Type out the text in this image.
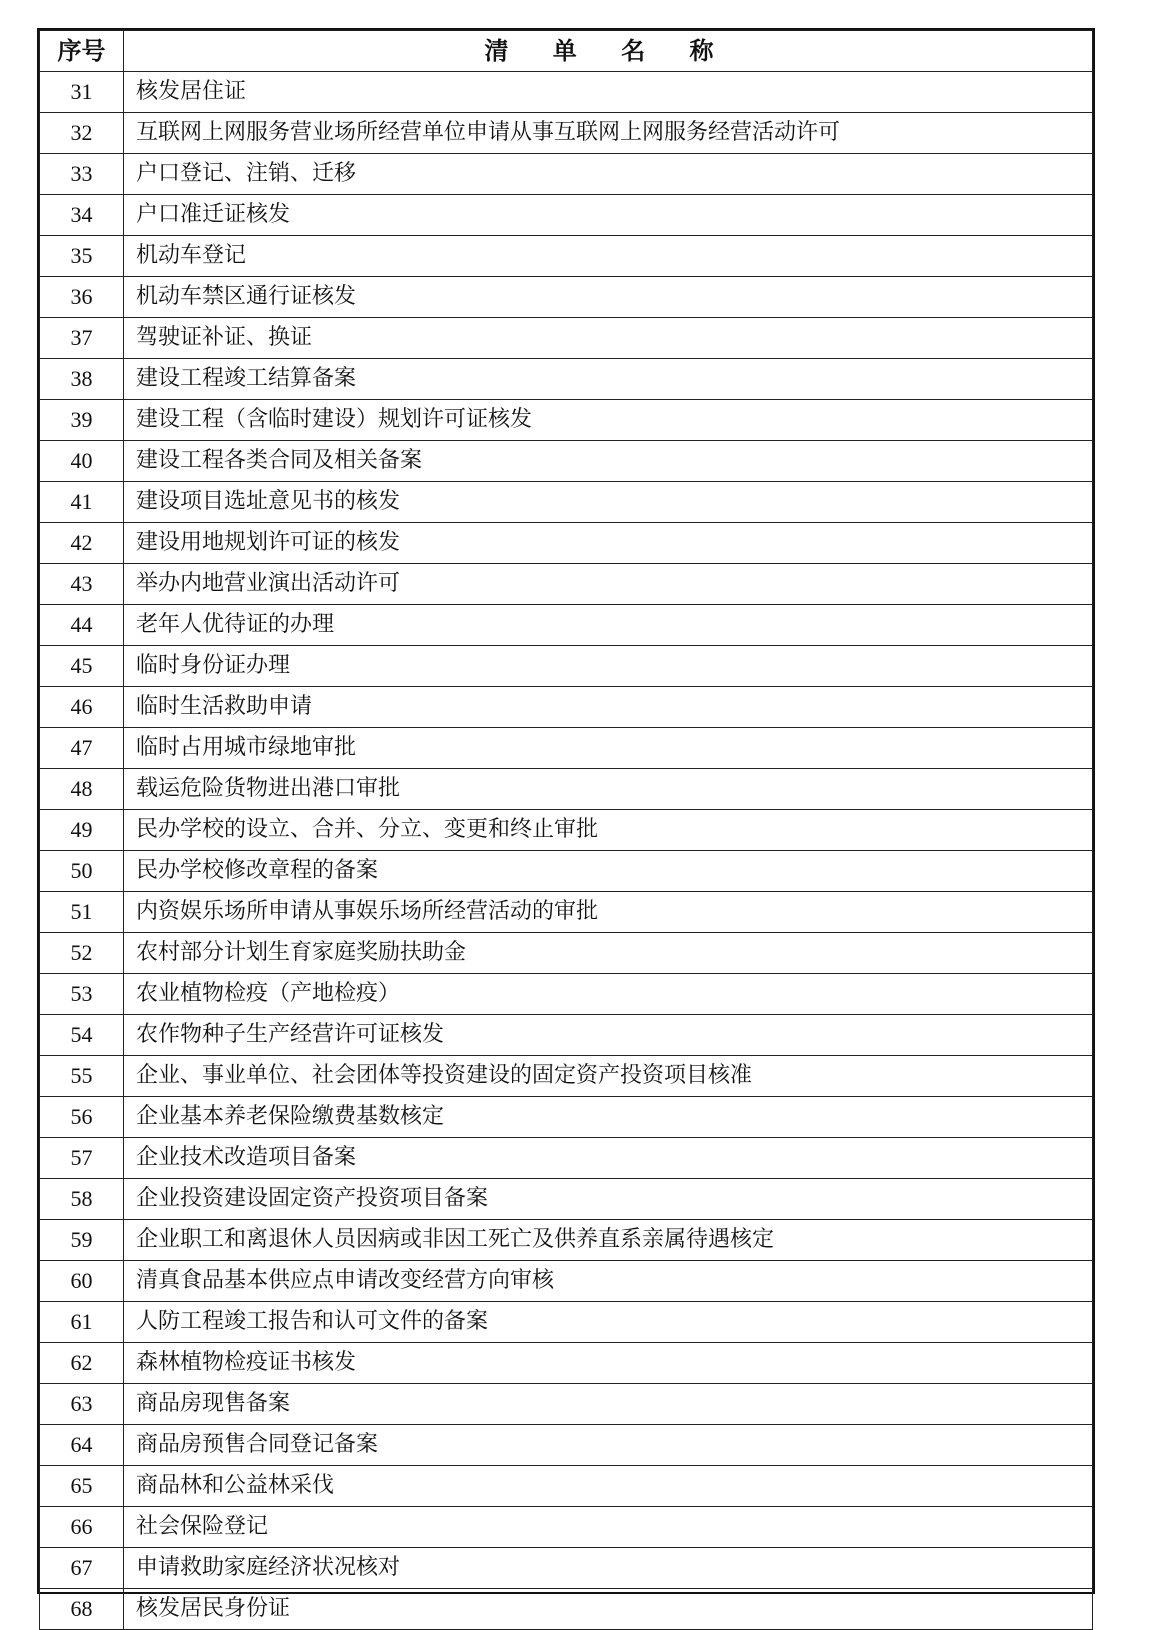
序号	清 单 名 称
31	核发居住证
32	互联网上网服务营业场所经营单位申请从事互联网上网服务经营活动许可
33	户口登记、注销、迁移
34	户口准迁证核发
35	机动车登记
36	机动车禁区通行证核发
37	驾驶证补证、换证
38	建设工程竣工结算备案
39	建设工程（含临时建设）规划许可证核发
40	建设工程各类合同及相关备案
41	建设项目选址意见书的核发
42	建设用地规划许可证的核发
43	举办内地营业演出活动许可
44	老年人优待证的办理
45	临时身份证办理
46	临时生活救助申请
47	临时占用城市绿地审批
48	载运危险货物进出港口审批
49	民办学校的设立、合并、分立、变更和终止审批
50	民办学校修改章程的备案
51	内资娱乐场所申请从事娱乐场所经营活动的审批
52	农村部分计划生育家庭奖励扶助金
53	农业植物检疫（产地检疫）
54	农作物种子生产经营许可证核发
55	企业、事业单位、社会团体等投资建设的固定资产投资项目核准
56	企业基本养老保险缴费基数核定
57	企业技术改造项目备案
58	企业投资建设固定资产投资项目备案
59	企业职工和离退休人员因病或非因工死亡及供养直系亲属待遇核定
60	清真食品基本供应点申请改变经营方向审核
61	人防工程竣工报告和认可文件的备案
62	森林植物检疫证书核发
63	商品房现售备案
64	商品房预售合同登记备案
65	商品林和公益林采伐
66	社会保险登记
67	申请救助家庭经济状况核对
68	核发居民身份证
